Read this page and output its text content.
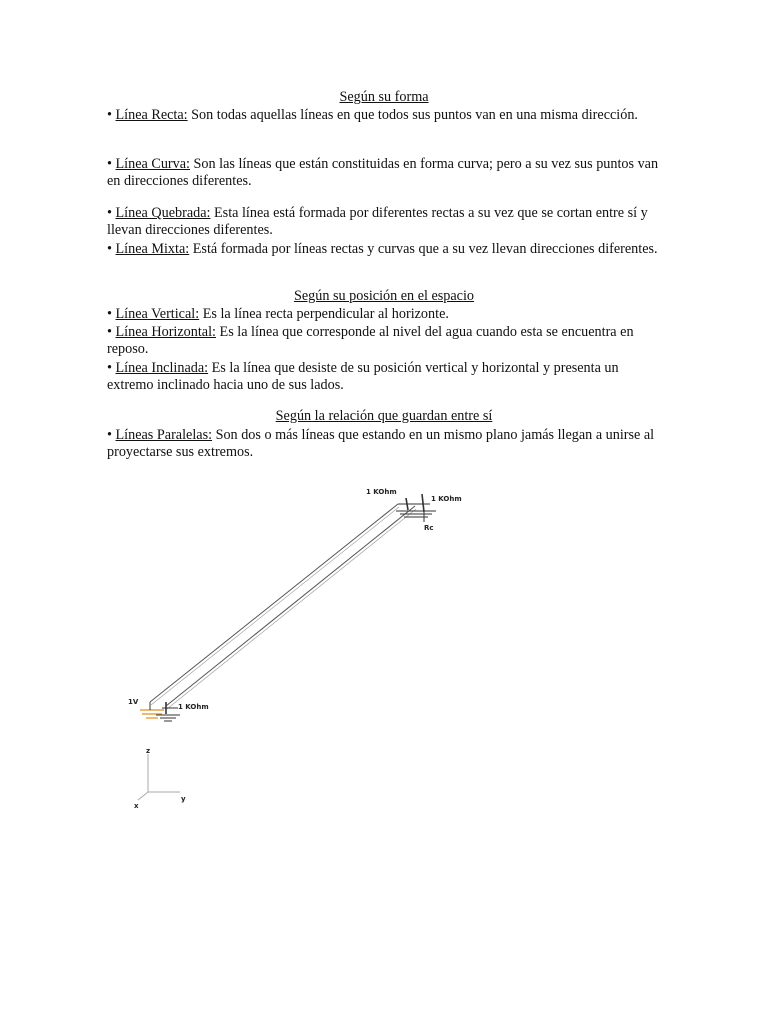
Según su forma
• Línea Recta: Son todas aquellas líneas en que todos sus puntos van en una misma dirección.
• Línea Curva: Son las líneas que están constituidas en forma curva; pero a su vez sus puntos van en direcciones diferentes.
• Línea Quebrada: Esta línea está formada por diferentes rectas a su vez que se cortan entre sí y llevan direcciones diferentes.
• Línea Mixta: Está formada por líneas rectas y curvas que a su vez llevan direcciones diferentes.
Según su posición en el espacio
• Línea Vertical: Es la línea recta perpendicular al horizonte.
• Línea Horizontal: Es la línea que corresponde al nivel del agua cuando esta se encuentra en reposo.
• Línea Inclinada: Es la línea que desiste de su posición vertical y horizontal y presenta un extremo inclinado hacia uno de sus lados.
Según la relación que guardan entre sí
• Líneas Paralelas: Son dos o más líneas que estando en un mismo plano jamás llegan a unirse al proyectarse sus extremos.
1 KOhm
1 KOhm
Rc
1V
1 KOhm
z
y
x
